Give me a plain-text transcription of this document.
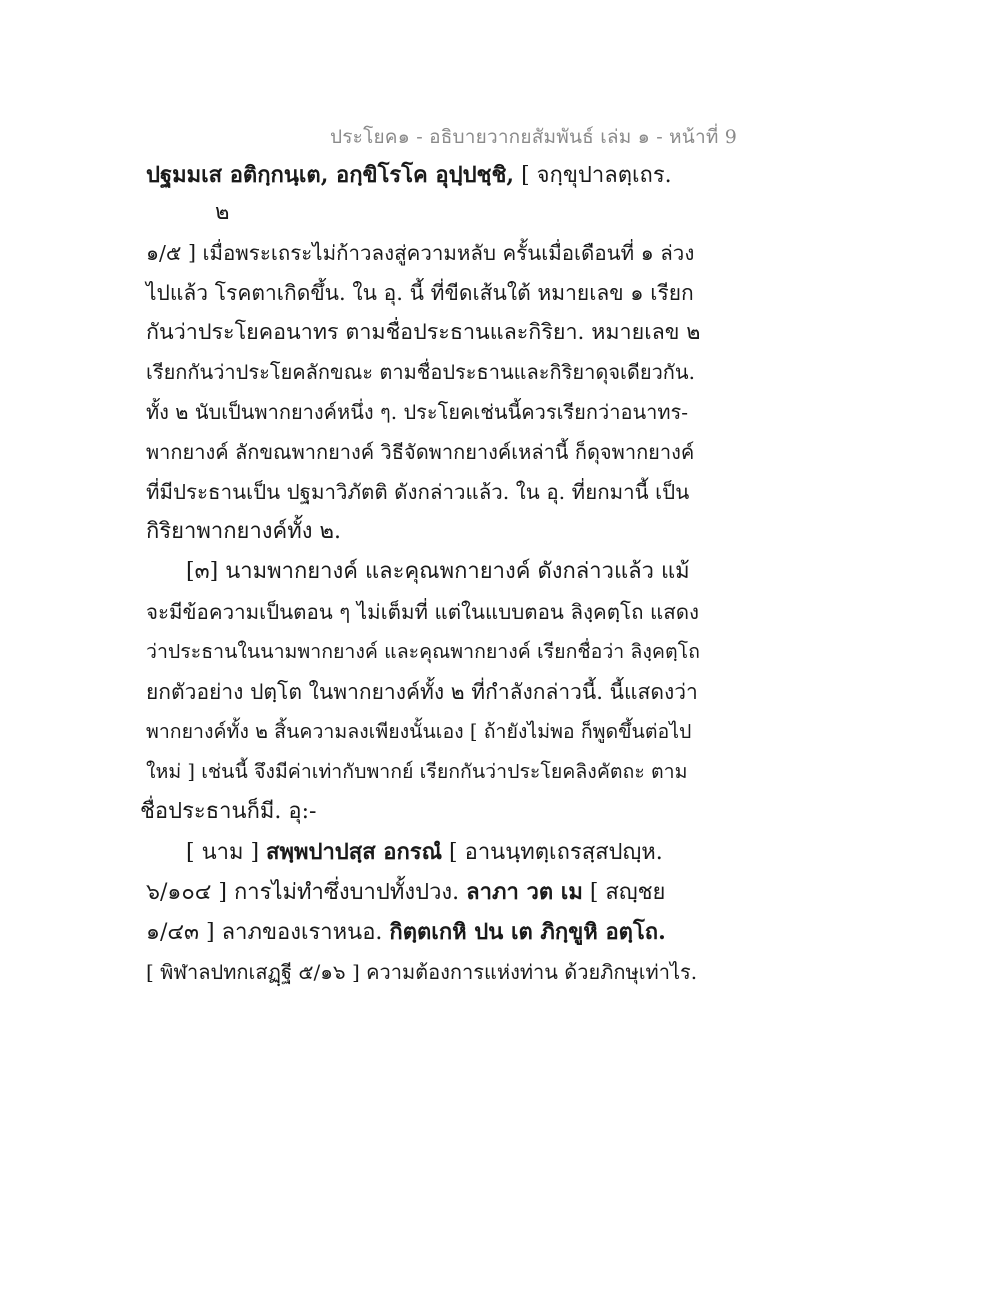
ประโยค๑ - อธิบายวากยสัมพันธ์ เล่ม ๑ - หน้าที่ 9
ปฐมมเส อติกฺกนฺเต, อกฺขิโรโค อุปฺปชฺชิ, [ จกฺขุปาลตฺเถร.
๒
๑/๕ ] เมื่อพระเถระไม่ก้าวลงสู่ความหลับ ครั้นเมื่อเดือนที่ ๑ ล่วง
ไปแล้ว โรคตาเกิดขึ้น. ใน อุ. นี้ ที่ขีดเส้นใต้ หมายเลข ๑ เรียก
กันว่าประโยคอนาทร ตามชื่อประธานและกิริยา. หมายเลข ๒
เรียกกันว่าประโยคลักขณะ ตามชื่อประธานและกิริยาดุจเดียวกัน.
ทั้ง ๒ นับเป็นพากยางค์หนึ่ง ๆ. ประโยคเช่นนี้ควรเรียกว่าอนาทร-
พากยางค์ ลักขณพากยางค์ วิธีจัดพากยางค์เหล่านี้ ก็ดุจพากยางค์
ที่มีประธานเป็น ปฐมาวิภัตติ ดังกล่าวแล้ว. ใน อุ. ที่ยกมานี้ เป็น
กิริยาพากยางค์ทั้ง ๒.
[๓] นามพากยางค์ และคุณพกายางค์ ดังกล่าวแล้ว แม้
จะมีข้อความเป็นตอน ๆ ไม่เต็มที่ แต่ในแบบตอน ลิงฺคตฺโถ แสดง
ว่าประธานในนามพากยางค์ และคุณพากยางค์ เรียกชื่อว่า ลิงฺคตฺโถ
ยกตัวอย่าง ปตฺโต ในพากยางค์ทั้ง ๒ ที่กำลังกล่าวนี้. นี้แสดงว่า
พากยางค์ทั้ง ๒ สิ้นความลงเพียงนั้นเอง [ ถ้ายังไม่พอ ก็พูดขึ้นต่อไป
ใหม่ ] เช่นนี้ จึงมีค่าเท่ากับพากย์ เรียกกันว่าประโยคลิงคัตถะ ตาม
ชื่อประธานก็มี. อุ:-
[ นาม ] สพฺพปาปสฺส อกรณํ [ อานนฺทตฺเถรสฺสปญฺห.
๖/๑๐๔ ] การไม่ทำซึ่งบาปทั้งปวง. ลาภา วต เม [ สญฺชย
๑/๔๓ ] ลาภของเราหนอ. กิตฺตเกหิ ปน เต ภิกฺขูหิ อตฺโถ.
[ พิฬาลปทกเสฏฺฐี ๕/๑๖ ] ความต้องการแห่งท่าน ด้วยภิกษุเท่าไร.
